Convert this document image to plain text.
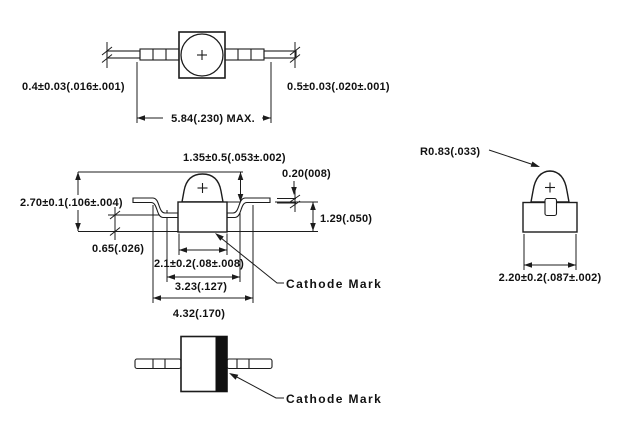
5.84(.230) MAX.
0.4±0.03(.016±.001)	0.5±0.03(.020±.001)
2.70±0.1(.106±.004)
1.35±0.5(.053±.002)
0.20(008)
1.29(.050)
0.65(.026)
2.1±0.2(.08±.008)
3.23(.127)
4.32(.170)
Cathode Mark
R0.83(.033)
2.20±0.2(.087±.002)
Cathode Mark
